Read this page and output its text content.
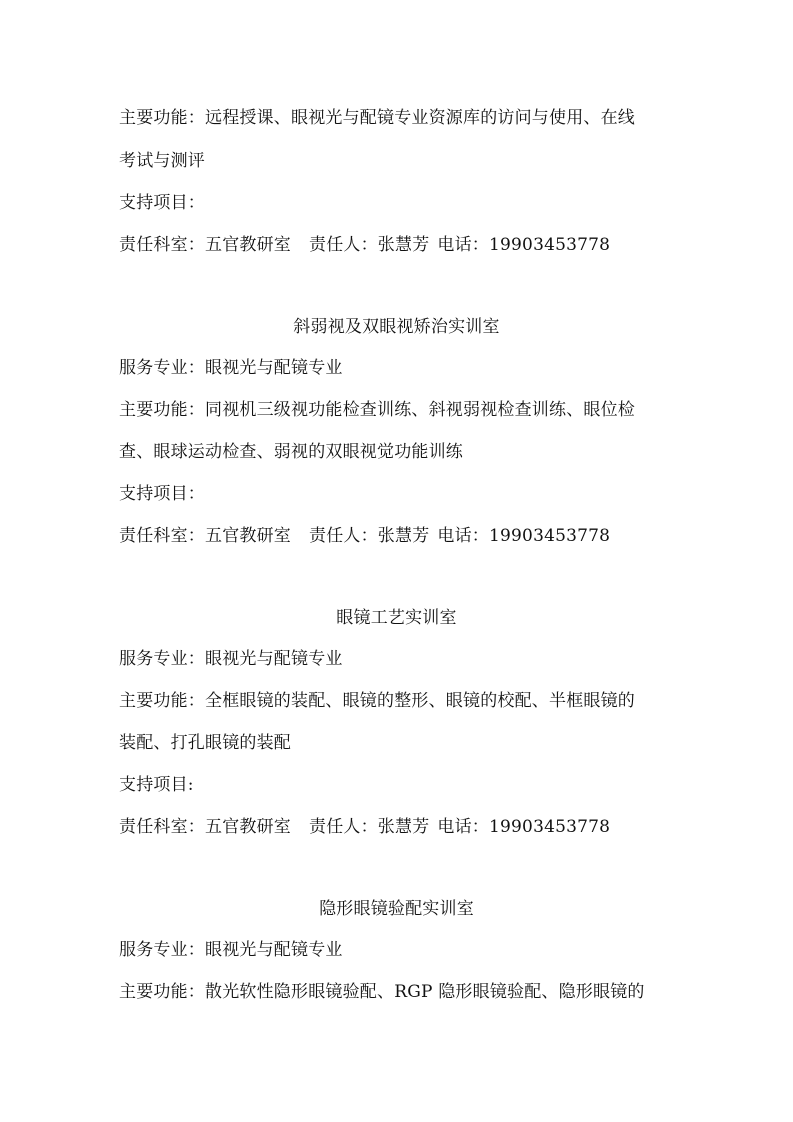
主要功能：远程授课、眼视光与配镜专业资源库的访问与使用、在线
考试与测评
支持项目：
责任科室：五官教研室 责任人：张慧芳 电话：19903453778
斜弱视及双眼视矫治实训室
服务专业：眼视光与配镜专业
主要功能：同视机三级视功能检查训练、斜视弱视检查训练、眼位检
查、眼球运动检查、弱视的双眼视觉功能训练
支持项目：
责任科室：五官教研室 责任人：张慧芳 电话：19903453778
眼镜工艺实训室
服务专业：眼视光与配镜专业
主要功能：全框眼镜的装配、眼镜的整形、眼镜的校配、半框眼镜的
装配、打孔眼镜的装配
支持项目:
责任科室：五官教研室 责任人：张慧芳 电话：19903453778
隐形眼镜验配实训室
服务专业：眼视光与配镜专业
主要功能：散光软性隐形眼镜验配、RGP 隐形眼镜验配、隐形眼镜的
